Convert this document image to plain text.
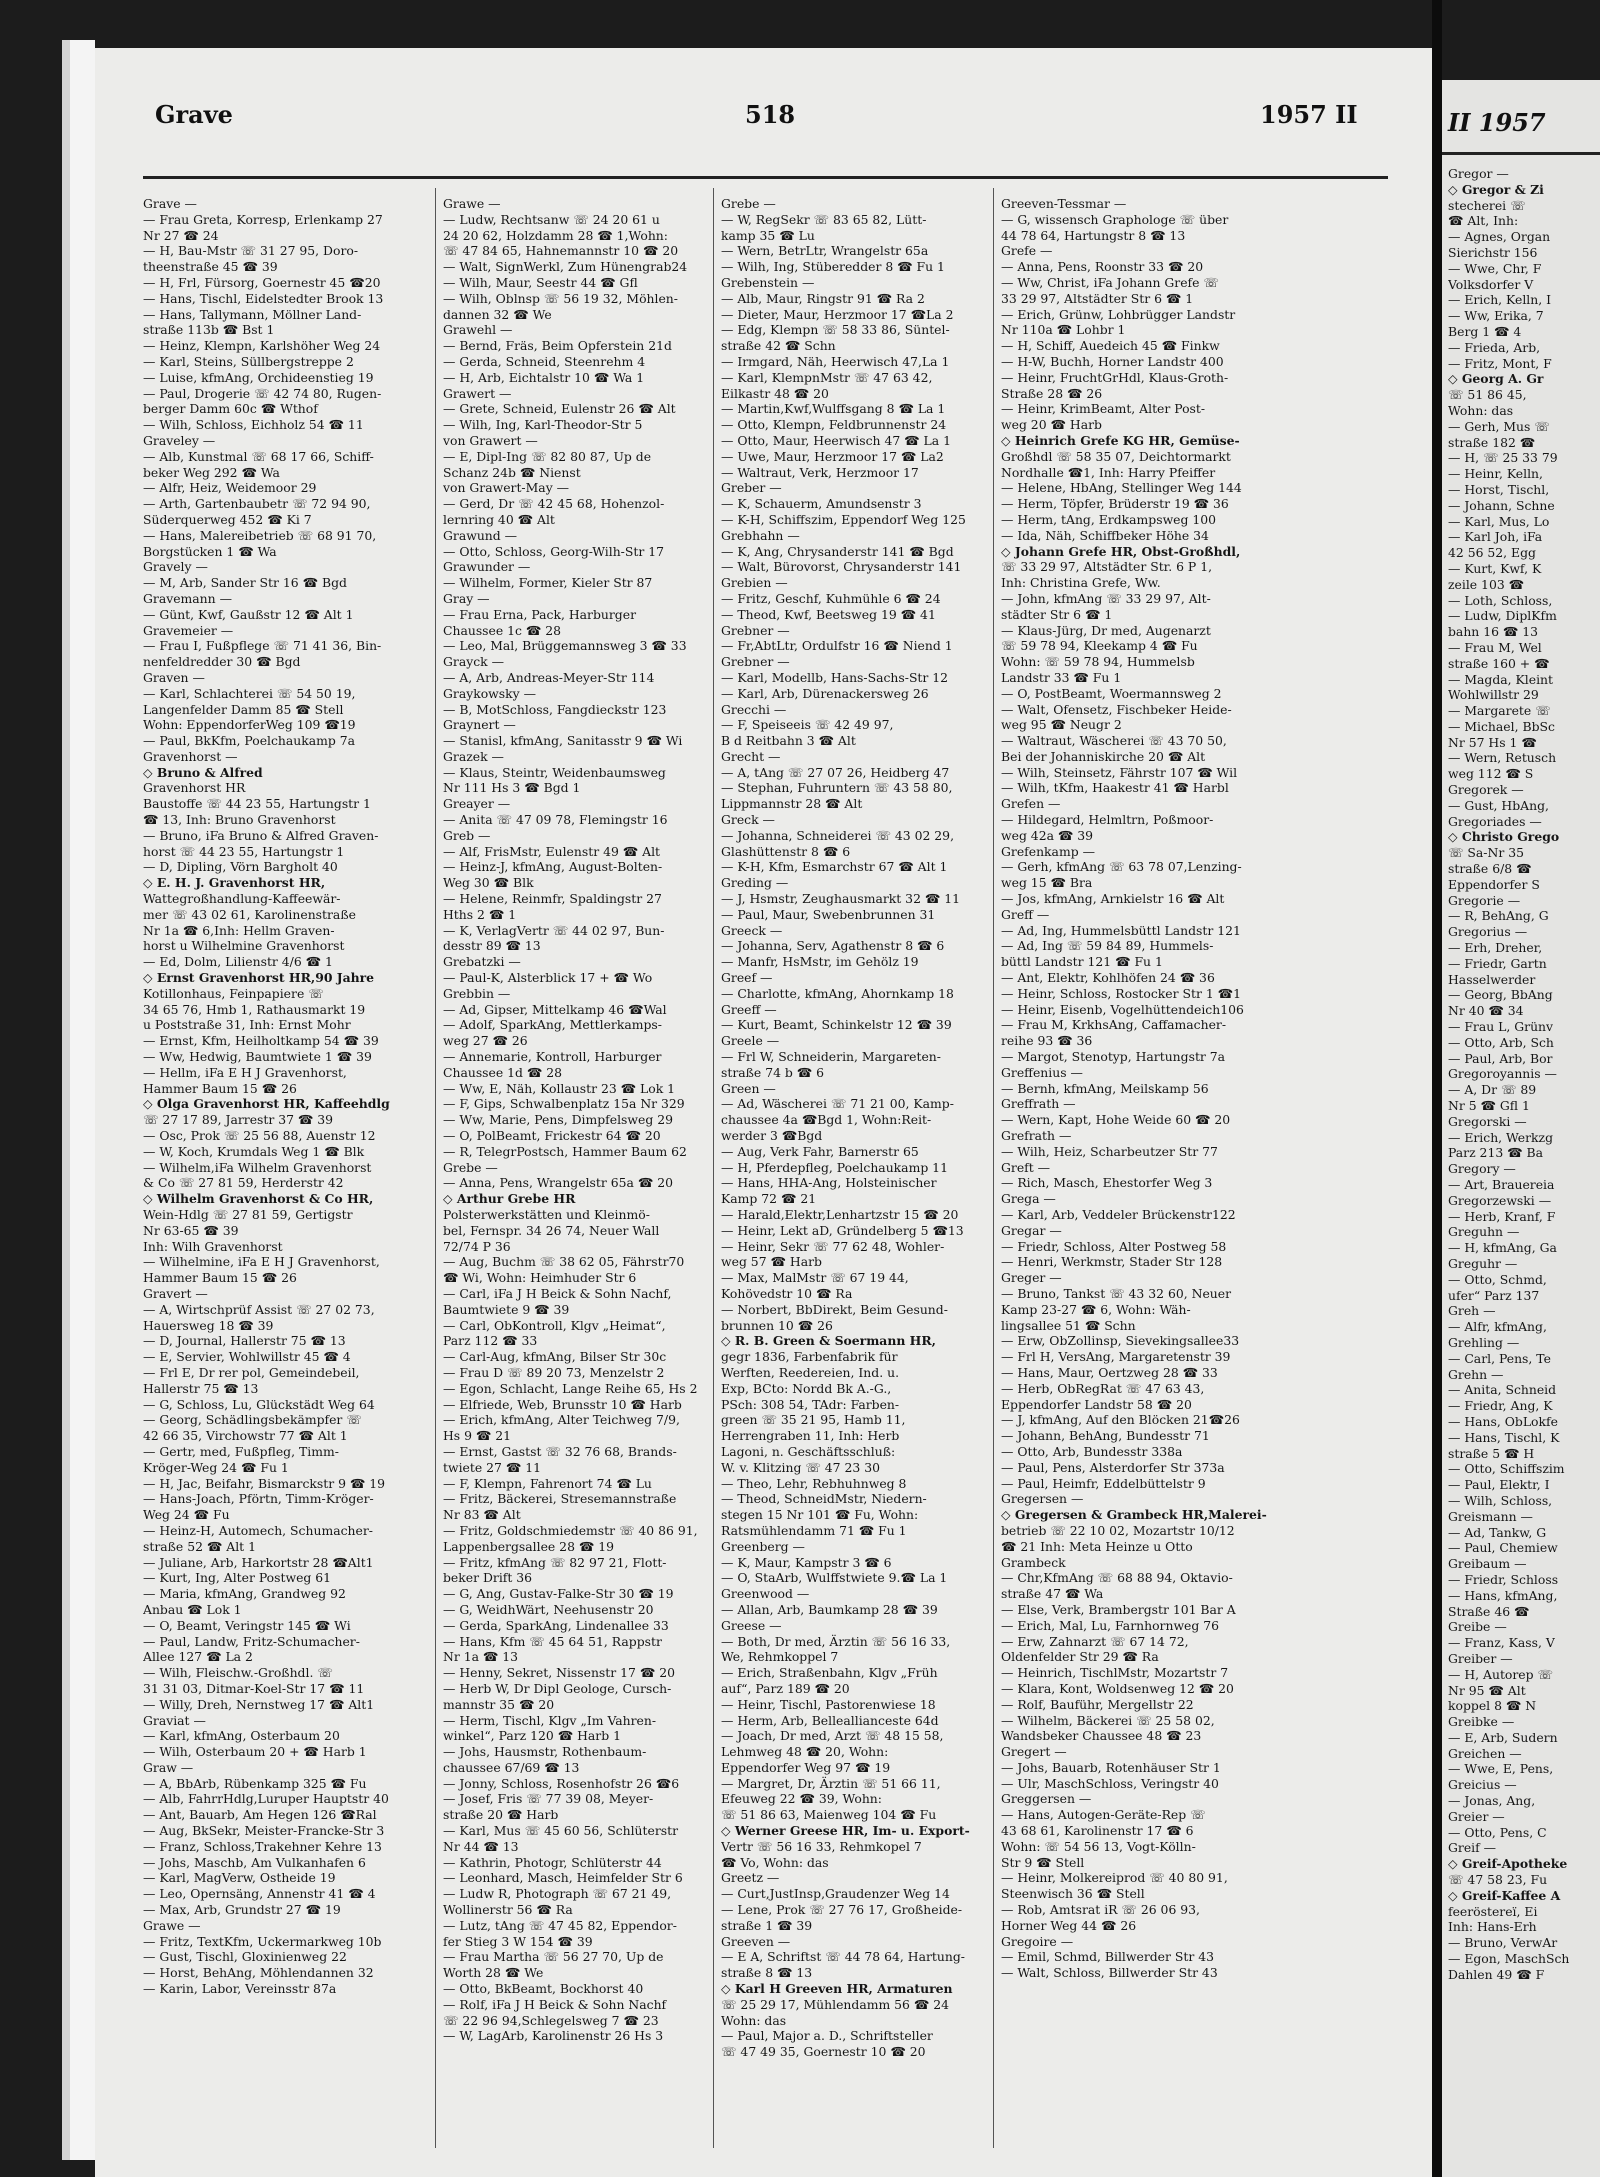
Grave	518	1957 II
Grave —
— Frau Greta, Korresp, Erlenkamp 27
Nr 27 ☎ 24
— H, Bau-Mstr ☏ 31 27 95, Doro-
theenstraße 45 ☎ 39
— H, Frl, Fürsorg, Goernestr 45 ☎20
— Hans, Tischl, Eidelstedter Brook 13
— Hans, Tallymann, Möllner Land-
straße 113b ☎ Bst 1
— Heinz, Klempn, Karlshöher Weg 24
— Karl, Steins, Süllbergstreppe 2
— Luise, kfmAng, Orchideenstieg 19
— Paul, Drogerie ☏ 42 74 80, Rugen-
berger Damm 60c ☎ Wthof
— Wilh, Schloss, Eichholz 54 ☎ 11
Graveley —
— Alb, Kunstmal ☏ 68 17 66, Schiff-
beker Weg 292 ☎ Wa
— Alfr, Heiz, Weidemoor 29
— Arth, Gartenbaubetr ☏ 72 94 90,
Süderquerweg 452 ☎ Ki 7
— Hans, Malereibetrieb ☏ 68 91 70,
Borgstücken 1 ☎ Wa
Gravely —
— M, Arb, Sander Str 16 ☎ Bgd
Gravemann —
— Günt, Kwf, Gaußstr 12 ☎ Alt 1
Gravemeier —
— Frau I, Fußpflege ☏ 71 41 36, Bin-
nenfeldredder 30 ☎ Bgd
Graven —
— Karl, Schlachterei ☏ 54 50 19,
Langenfelder Damm 85 ☎ Stell
Wohn: EppendorferWeg 109 ☎19
— Paul, BkKfm, Poelchaukamp 7a
Gravenhorst —
◇ Bruno & Alfred
Gravenhorst HR
Baustoffe ☏ 44 23 55, Hartungstr 1
☎ 13, Inh: Bruno Gravenhorst
— Bruno, iFa Bruno & Alfred Graven-
horst ☏ 44 23 55, Hartungstr 1
— D, Dipling, Vörn Bargholt 40
◇ E. H. J. Gravenhorst HR,
Wattegroßhandlung-Kaffeewär-
mer ☏ 43 02 61, Karolinenstraße
Nr 1a ☎ 6,Inh: Hellm Graven-
horst u Wilhelmine Gravenhorst
— Ed, Dolm, Lilienstr 4/6 ☎ 1
◇ Ernst Gravenhorst HR,90 Jahre
Kotillonhaus, Feinpapiere ☏
34 65 76, Hmb 1, Rathausmarkt 19
u Poststraße 31, Inh: Ernst Mohr
— Ernst, Kfm, Heilholtkamp 54 ☎ 39
— Ww, Hedwig, Baumtwiete 1 ☎ 39
— Hellm, iFa E H J Gravenhorst,
Hammer Baum 15 ☎ 26
◇ Olga Gravenhorst HR, Kaffeehdlg
☏ 27 17 89, Jarrestr 37 ☎ 39
— Osc, Prok ☏ 25 56 88, Auenstr 12
— W, Koch, Krumdals Weg 1 ☎ Blk
— Wilhelm,iFa Wilhelm Gravenhorst
& Co ☏ 27 81 59, Herderstr 42
◇ Wilhelm Gravenhorst & Co HR,
Wein-Hdlg ☏ 27 81 59, Gertigstr
Nr 63-65 ☎ 39
Inh: Wilh Gravenhorst
— Wilhelmine, iFa E H J Gravenhorst,
Hammer Baum 15 ☎ 26
Gravert —
— A, Wirtschprüf Assist ☏ 27 02 73,
Hauersweg 18 ☎ 39
— D, Journal, Hallerstr 75 ☎ 13
— E, Servier, Wohlwillstr 45 ☎ 4
— Frl E, Dr rer pol, Gemeindebeil,
Hallerstr 75 ☎ 13
— G, Schloss, Lu, Glückstädt Weg 64
— Georg, Schädlingsbekämpfer ☏
42 66 35, Virchowstr 77 ☎ Alt 1
— Gertr, med, Fußpfleg, Timm-
Kröger-Weg 24 ☎ Fu 1
— H, Jac, Beifahr, Bismarckstr 9 ☎ 19
— Hans-Joach, Pförtn, Timm-Kröger-
Weg 24 ☎ Fu
— Heinz-H, Automech, Schumacher-
straße 52 ☎ Alt 1
— Juliane, Arb, Harkortstr 28 ☎Alt1
— Kurt, Ing, Alter Postweg 61
— Maria, kfmAng, Grandweg 92
Anbau ☎ Lok 1
— O, Beamt, Veringstr 145 ☎ Wi
— Paul, Landw, Fritz-Schumacher-
Allee 127 ☎ La 2
— Wilh, Fleischw.-Großhdl. ☏
31 31 03, Ditmar-Koel-Str 17 ☎ 11
— Willy, Dreh, Nernstweg 17 ☎ Alt1
Graviat —
— Karl, kfmAng, Osterbaum 20
— Wilh, Osterbaum 20 + ☎ Harb 1
Graw —
— A, BbArb, Rübenkamp 325 ☎ Fu
— Alb, FahrrHdlg,Luruper Hauptstr 40
— Ant, Bauarb, Am Hegen 126 ☎Ral
— Aug, BkSekr, Meister-Francke-Str 3
— Franz, Schloss,Trakehner Kehre 13
— Johs, Maschb, Am Vulkanhafen 6
— Karl, MagVerw, Ostheide 19
— Leo, Opernsäng, Annenstr 41 ☎ 4
— Max, Arb, Grundstr 27 ☎ 19
Grawe —
— Fritz, TextKfm, Uckermarkweg 10b
— Gust, Tischl, Gloxinienweg 22
— Horst, BehAng, Möhlendannen 32
— Karin, Labor, Vereinsstr 87a
Grawe —
— Ludw, Rechtsanw ☏ 24 20 61 u
24 20 62, Holzdamm 28 ☎ 1,Wohn:
☏ 47 84 65, Hahnemannstr 10 ☎ 20
— Walt, SignWerkl, Zum Hünengrab24
— Wilh, Maur, Seestr 44 ☎ Gfl
— Wilh, Oblnsp ☏ 56 19 32, Möhlen-
dannen 32 ☎ We
Grawehl —
— Bernd, Fräs, Beim Opferstein 21d
— Gerda, Schneid, Steenrehm 4
— H, Arb, Eichtalstr 10 ☎ Wa 1
Grawert —
— Grete, Schneid, Eulenstr 26 ☎ Alt
— Wilh, Ing, Karl-Theodor-Str 5
von Grawert —
— E, Dipl-Ing ☏ 82 80 87, Up de
Schanz 24b ☎ Nienst
von Grawert-May —
— Gerd, Dr ☏ 42 45 68, Hohenzol-
lernring 40 ☎ Alt
Grawund —
— Otto, Schloss, Georg-Wilh-Str 17
Grawunder —
— Wilhelm, Former, Kieler Str 87
Gray —
— Frau Erna, Pack, Harburger
Chaussee 1c ☎ 28
— Leo, Mal, Brüggemannsweg 3 ☎ 33
Grayck —
— A, Arb, Andreas-Meyer-Str 114
Graykowsky —
— B, MotSchloss, Fangdieckstr 123
Graynert —
— Stanisl, kfmAng, Sanitasstr 9 ☎ Wi
Grazek —
— Klaus, Steintr, Weidenbaumsweg
Nr 111 Hs 3 ☎ Bgd 1
Greayer —
— Anita ☏ 47 09 78, Flemingstr 16
Greb —
— Alf, FrisMstr, Eulenstr 49 ☎ Alt
— Heinz-J, kfmAng, August-Bolten-
Weg 30 ☎ Blk
— Helene, Reinmfr, Spaldingstr 27
Hths 2 ☎ 1
— K, VerlagVertr ☏ 44 02 97, Bun-
desstr 89 ☎ 13
Grebatzki —
— Paul-K, Alsterblick 17 + ☎ Wo
Grebbin —
— Ad, Gipser, Mittelkamp 46 ☎Wal
— Adolf, SparkAng, Mettlerkamps-
weg 27 ☎ 26
— Annemarie, Kontroll, Harburger
Chaussee 1d ☎ 28
— Ww, E, Näh, Kollaustr 23 ☎ Lok 1
— F, Gips, Schwalbenplatz 15a Nr 329
— Ww, Marie, Pens, Dimpfelsweg 29
— O, PolBeamt, Frickestr 64 ☎ 20
— R, TelegrPostsch, Hammer Baum 62
Grebe —
— Anna, Pens, Wrangelstr 65a ☎ 20
◇ Arthur Grebe HR
Polsterwerkstätten und Kleinmö-
bel, Fernspr. 34 26 74, Neuer Wall
72/74 P 36
— Aug, Buchm ☏ 38 62 05, Fährstr70
☎ Wi, Wohn: Heimhuder Str 6
— Carl, iFa J H Beick & Sohn Nachf,
Baumtwiete 9 ☎ 39
— Carl, ObKontroll, Klgv „Heimat“,
Parz 112 ☎ 33
— Carl-Aug, kfmAng, Bilser Str 30c
— Frau D ☏ 89 20 73, Menzelstr 2
— Egon, Schlacht, Lange Reihe 65, Hs 2
— Elfriede, Web, Brunsstr 10 ☎ Harb
— Erich, kfmAng, Alter Teichweg 7/9,
Hs 9 ☎ 21
— Ernst, Gastst ☏ 32 76 68, Brands-
twiete 27 ☎ 11
— F, Klempn, Fahrenort 74 ☎ Lu
— Fritz, Bäckerei, Stresemannstraße
Nr 83 ☎ Alt
— Fritz, Goldschmiedemstr ☏ 40 86 91,
Lappenbergsallee 28 ☎ 19
— Fritz, kfmAng ☏ 82 97 21, Flott-
beker Drift 36
— G, Ang, Gustav-Falke-Str 30 ☎ 19
— G, WeidhWärt, Neehusenstr 20
— Gerda, SparkAng, Lindenallee 33
— Hans, Kfm ☏ 45 64 51, Rappstr
Nr 1a ☎ 13
— Henny, Sekret, Nissenstr 17 ☎ 20
— Herb W, Dr Dipl Geologe, Cursch-
mannstr 35 ☎ 20
— Herm, Tischl, Klgv „Im Vahren-
winkel“, Parz 120 ☎ Harb 1
— Johs, Hausmstr, Rothenbaum-
chaussee 67/69 ☎ 13
— Jonny, Schloss, Rosenhofstr 26 ☎6
— Josef, Fris ☏ 77 39 08, Meyer-
straße 20 ☎ Harb
— Karl, Mus ☏ 45 60 56, Schlüterstr
Nr 44 ☎ 13
— Kathrin, Photogr, Schlüterstr 44
— Leonhard, Masch, Heimfelder Str 6
— Ludw R, Photograph ☏ 67 21 49,
Wollinerstr 56 ☎ Ra
— Lutz, tAng ☏ 47 45 82, Eppendor-
fer Stieg 3 W 154 ☎ 39
— Frau Martha ☏ 56 27 70, Up de
Worth 28 ☎ We
— Otto, BkBeamt, Bockhorst 40
— Rolf, iFa J H Beick & Sohn Nachf
☏ 22 96 94,Schlegelsweg 7 ☎ 23
— W, LagArb, Karolinenstr 26 Hs 3
Grebe —
— W, RegSekr ☏ 83 65 82, Lütt-
kamp 35 ☎ Lu
— Wern, BetrLtr, Wrangelstr 65a
— Wilh, Ing, Stüberedder 8 ☎ Fu 1
Grebenstein —
— Alb, Maur, Ringstr 91 ☎ Ra 2
— Dieter, Maur, Herzmoor 17 ☎La 2
— Edg, Klempn ☏ 58 33 86, Süntel-
straße 42 ☎ Schn
— Irmgard, Näh, Heerwisch 47,La 1
— Karl, KlempnMstr ☏ 47 63 42,
Eilkastr 48 ☎ 20
— Martin,Kwf,Wulffsgang 8 ☎ La 1
— Otto, Klempn, Feldbrunnenstr 24
— Otto, Maur, Heerwisch 47 ☎ La 1
— Uwe, Maur, Herzmoor 17 ☎ La2
— Waltraut, Verk, Herzmoor 17
Greber —
— K, Schauerm, Amundsenstr 3
— K-H, Schiffszim, Eppendorf Weg 125
Grebhahn —
— K, Ang, Chrysanderstr 141 ☎ Bgd
— Walt, Bürovorst, Chrysanderstr 141
Grebien —
— Fritz, Geschf, Kuhmühle 6 ☎ 24
— Theod, Kwf, Beetsweg 19 ☎ 41
Grebner —
— Fr,AbtLtr, Ordulfstr 16 ☎ Niend 1
Grebner —
— Karl, Modellb, Hans-Sachs-Str 12
— Karl, Arb, Dürenackersweg 26
Grecchi —
— F, Speiseeis ☏ 42 49 97,
B d Reitbahn 3 ☎ Alt
Grecht —
— A, tAng ☏ 27 07 26, Heidberg 47
— Stephan, Fuhruntern ☏ 43 58 80,
Lippmannstr 28 ☎ Alt
Greck —
— Johanna, Schneiderei ☏ 43 02 29,
Glashüttenstr 8 ☎ 6
— K-H, Kfm, Esmarchstr 67 ☎ Alt 1
Greding —
— J, Hsmstr, Zeughausmarkt 32 ☎ 11
— Paul, Maur, Swebenbrunnen 31
Greeck —
— Johanna, Serv, Agathenstr 8 ☎ 6
— Manfr, HsMstr, im Gehölz 19
Greef —
— Charlotte, kfmAng, Ahornkamp 18
Greeff —
— Kurt, Beamt, Schinkelstr 12 ☎ 39
Greele —
— Frl W, Schneiderin, Margareten-
straße 74 b ☎ 6
Green —
— Ad, Wäscherei ☏ 71 21 00, Kamp-
chaussee 4a ☎Bgd 1, Wohn:Reit-
werder 3 ☎Bgd
— Aug, Verk Fahr, Barnerstr 65
— H, Pferdepfleg, Poelchaukamp 11
— Hans, HHA-Ang, Holsteinischer
Kamp 72 ☎ 21
— Harald,Elektr,Lenhartzstr 15 ☎ 20
— Heinr, Lekt aD, Gründelberg 5 ☎13
— Heinr, Sekr ☏ 77 62 48, Wohler-
weg 57 ☎ Harb
— Max, MalMstr ☏ 67 19 44,
Kohövedstr 10 ☎ Ra
— Norbert, BbDirekt, Beim Gesund-
brunnen 10 ☎ 26
◇ R. B. Green & Soermann HR,
gegr 1836, Farbenfabrik für
Werften, Reedereien, Ind. u.
Exp, BCto: Nordd Bk A.-G.,
PSch: 308 54, TAdr: Farben-
green ☏ 35 21 95, Hamb 11,
Herrengraben 11, Inh: Herb
Lagoni, n. Geschäftsschluß:
W. v. Klitzing ☏ 47 23 30
— Theo, Lehr, Rebhuhnweg 8
— Theod, SchneidMstr, Niedern-
stegen 15 Nr 101 ☎ Fu, Wohn:
Ratsmühlendamm 71 ☎ Fu 1
Greenberg —
— K, Maur, Kampstr 3 ☎ 6
— O, StaArb, Wulffstwiete 9.☎ La 1
Greenwood —
— Allan, Arb, Baumkamp 28 ☎ 39
Greese —
— Both, Dr med, Ärztin ☏ 56 16 33,
We, Rehmkoppel 7
— Erich, Straßenbahn, Klgv „Früh
auf“, Parz 189 ☎ 20
— Heinr, Tischl, Pastorenwiese 18
— Herm, Arb, Belleallianceste 64d
— Joach, Dr med, Arzt ☏ 48 15 58,
Lehmweg 48 ☎ 20, Wohn:
Eppendorfer Weg 97 ☎ 19
— Margret, Dr, Ärztin ☏ 51 66 11,
Efeuweg 22 ☎ 39, Wohn:
☏ 51 86 63, Maienweg 104 ☎ Fu
◇ Werner Greese HR, Im- u. Export-
Vertr ☏ 56 16 33, Rehmkopel 7
☎ Vo, Wohn: das
Greetz —
— Curt,JustInsp,Graudenzer Weg 14
— Lene, Prok ☏ 27 76 17, Großheide-
straße 1 ☎ 39
Greeven —
— E A, Schriftst ☏ 44 78 64, Hartung-
straße 8 ☎ 13
◇ Karl H Greeven HR, Armaturen
☏ 25 29 17, Mühlendamm 56 ☎ 24
Wohn: das
— Paul, Major a. D., Schriftsteller
☏ 47 49 35, Goernestr 10 ☎ 20
Greeven-Tessmar —
— G, wissensch Graphologe ☏ über
44 78 64, Hartungstr 8 ☎ 13
Grefe —
— Anna, Pens, Roonstr 33 ☎ 20
— Ww, Christ, iFa Johann Grefe ☏
33 29 97, Altstädter Str 6 ☎ 1
— Erich, Grünw, Lohbrügger Landstr
Nr 110a ☎ Lohbr 1
— H, Schiff, Auedeich 45 ☎ Finkw
— H-W, Buchh, Horner Landstr 400
— Heinr, FruchtGrHdl, Klaus-Groth-
Straße 28 ☎ 26
— Heinr, KrimBeamt, Alter Post-
weg 20 ☎ Harb
◇ Heinrich Grefe KG HR, Gemüse-
Großhdl ☏ 58 35 07, Deichtormarkt
Nordhalle ☎1, Inh: Harry Pfeiffer
— Helene, HbAng, Stellinger Weg 144
— Herm, Töpfer, Brüderstr 19 ☎ 36
— Herm, tAng, Erdkampsweg 100
— Ida, Näh, Schiffbeker Höhe 34
◇ Johann Grefe HR, Obst-Großhdl,
☏ 33 29 97, Altstädter Str. 6 P 1,
Inh: Christina Grefe, Ww.
— John, kfmAng ☏ 33 29 97, Alt-
städter Str 6 ☎ 1
— Klaus-Jürg, Dr med, Augenarzt
☏ 59 78 94, Kleekamp 4 ☎ Fu
Wohn: ☏ 59 78 94, Hummelsb
Landstr 33 ☎ Fu 1
— O, PostBeamt, Woermannsweg 2
— Walt, Ofensetz, Fischbeker Heide-
weg 95 ☎ Neugr 2
— Waltraut, Wäscherei ☏ 43 70 50,
Bei der Johanniskirche 20 ☎ Alt
— Wilh, Steinsetz, Fährstr 107 ☎ Wil
— Wilh, tKfm, Haakestr 41 ☎ Harbl
Grefen —
— Hildegard, Helmltrn, Poßmoor-
weg 42a ☎ 39
Grefenkamp —
— Gerh, kfmAng ☏ 63 78 07,Lenzing-
weg 15 ☎ Bra
— Jos, kfmAng, Arnkielstr 16 ☎ Alt
Greff —
— Ad, Ing, Hummelsbüttl Landstr 121
— Ad, Ing ☏ 59 84 89, Hummels-
büttl Landstr 121 ☎ Fu 1
— Ant, Elektr, Kohlhöfen 24 ☎ 36
— Heinr, Schloss, Rostocker Str 1 ☎1
— Heinr, Eisenb, Vogelhüttendeich106
— Frau M, KrkhsAng, Caffamacher-
reihe 93 ☎ 36
— Margot, Stenotyp, Hartungstr 7a
Greffenius —
— Bernh, kfmAng, Meilskamp 56
Greffrath —
— Wern, Kapt, Hohe Weide 60 ☎ 20
Grefrath —
— Wilh, Heiz, Scharbeutzer Str 77
Greft —
— Rich, Masch, Ehestorfer Weg 3
Grega —
— Karl, Arb, Veddeler Brückenstr122
Gregar —
— Friedr, Schloss, Alter Postweg 58
— Henri, Werkmstr, Stader Str 128
Greger —
— Bruno, Tankst ☏ 43 32 60, Neuer
Kamp 23-27 ☎ 6, Wohn: Wäh-
lingsallee 51 ☎ Schn
— Erw, ObZollinsp, Sievekingsallee33
— Frl H, VersAng, Margaretenstr 39
— Hans, Maur, Oertzweg 28 ☎ 33
— Herb, ObRegRat ☏ 47 63 43,
Eppendorfer Landstr 58 ☎ 20
— J, kfmAng, Auf den Blöcken 21☎26
— Johann, BehAng, Bundesstr 71
— Otto, Arb, Bundesstr 338a
— Paul, Pens, Alsterdorfer Str 373a
— Paul, Heimfr, Eddelbüttelstr 9
Gregersen —
◇ Gregersen & Grambeck HR,Malerei-
betrieb ☏ 22 10 02, Mozartstr 10/12
☎ 21 Inh: Meta Heinze u Otto
Grambeck
— Chr,KfmAng ☏ 68 88 94, Oktavio-
straße 47 ☎ Wa
— Else, Verk, Brambergstr 101 Bar A
— Erich, Mal, Lu, Farnhornweg 76
— Erw, Zahnarzt ☏ 67 14 72,
Oldenfelder Str 29 ☎ Ra
— Heinrich, TischlMstr, Mozartstr 7
— Klara, Kont, Woldsenweg 12 ☎ 20
— Rolf, Bauführ, Mergellstr 22
— Wilhelm, Bäckerei ☏ 25 58 02,
Wandsbeker Chaussee 48 ☎ 23
Gregert —
— Johs, Bauarb, Rotenhäuser Str 1
— Ulr, MaschSchloss, Veringstr 40
Greggersen —
— Hans, Autogen-Geräte-Rep ☏
43 68 61, Karolinenstr 17 ☎ 6
Wohn: ☏ 54 56 13, Vogt-Kölln-
Str 9 ☎ Stell
— Heinr, Molkereiprod ☏ 40 80 91,
Steenwisch 36 ☎ Stell
— Rob, Amtsrat iR ☏ 26 06 93,
Horner Weg 44 ☎ 26
Gregoire —
— Emil, Schmd, Billwerder Str 43
— Walt, Schloss, Billwerder Str 43
II 1957
Gregor —
◇ Gregor & Zi
stecherei ☏
☎ Alt, Inh:
— Agnes, Organ
Sierichstr 156
— Wwe, Chr, F
Volksdorfer V
— Erich, Kelln, I
— Ww, Erika, 7
Berg 1 ☎ 4
— Frieda, Arb,
— Fritz, Mont, F
◇ Georg A. Gr
☏ 51 86 45,
Wohn: das
— Gerh, Mus ☏
straße 182 ☎
— H, ☏ 25 33 79
— Heinr, Kelln,
— Horst, Tischl,
— Johann, Schne
— Karl, Mus, Lo
— Karl Joh, iFa
42 56 52, Egg
— Kurt, Kwf, K
zeile 103 ☎
— Loth, Schloss,
— Ludw, DiplKfm
bahn 16 ☎ 13
— Frau M, Wel
straße 160 + ☎
— Magda, Kleint
Wohlwillstr 29
— Margarete ☏
— Michael, BbSc
Nr 57 Hs 1 ☎
— Wern, Retusch
weg 112 ☎ S
Gregorek —
— Gust, HbAng,
Gregoriades —
◇ Christo Grego
☏ Sa-Nr 35
straße 6/8 ☎
Eppendorfer S
Gregorie —
— R, BehAng, G
Gregorius —
— Erh, Dreher,
— Friedr, Gartn
Hasselwerder
— Georg, BbAng
Nr 40 ☎ 34
— Frau L, Grünv
— Otto, Arb, Sch
— Paul, Arb, Bor
Gregoroyannis —
— A, Dr ☏ 89
Nr 5 ☎ Gfl 1
Gregorski —
— Erich, Werkzg
Parz 213 ☎ Ba
Gregory —
— Art, Brauereia
Gregorzewski —
— Herb, Kranf, F
Greguhn —
— H, kfmAng, Ga
Greguhr —
— Otto, Schmd,
ufer“ Parz 137
Greh —
— Alfr, kfmAng,
Grehling —
— Carl, Pens, Te
Grehn —
— Anita, Schneid
— Friedr, Ang, K
— Hans, ObLokfe
— Hans, Tischl, K
straße 5 ☎ H
— Otto, Schiffszim
— Paul, Elektr, I
— Wilh, Schloss,
Greismann —
— Ad, Tankw, G
— Paul, Chemiew
Greibaum —
— Friedr, Schloss
— Hans, kfmAng,
Straße 46 ☎
Greibe —
— Franz, Kass, V
Greiber —
— H, Autorep ☏
Nr 95 ☎ Alt
koppel 8 ☎ N
Greibke —
— E, Arb, Sudern
Greichen —
— Wwe, E, Pens,
Greicius —
— Jonas, Ang,
Greier —
— Otto, Pens, C
Greif —
◇ Greif-Apotheke
☏ 47 58 23, Fu
◇ Greif-Kaffee A
feeröstereï, Ei
Inh: Hans-Erh
— Bruno, VerwAr
— Egon, MaschSch
Dahlen 49 ☎ F
